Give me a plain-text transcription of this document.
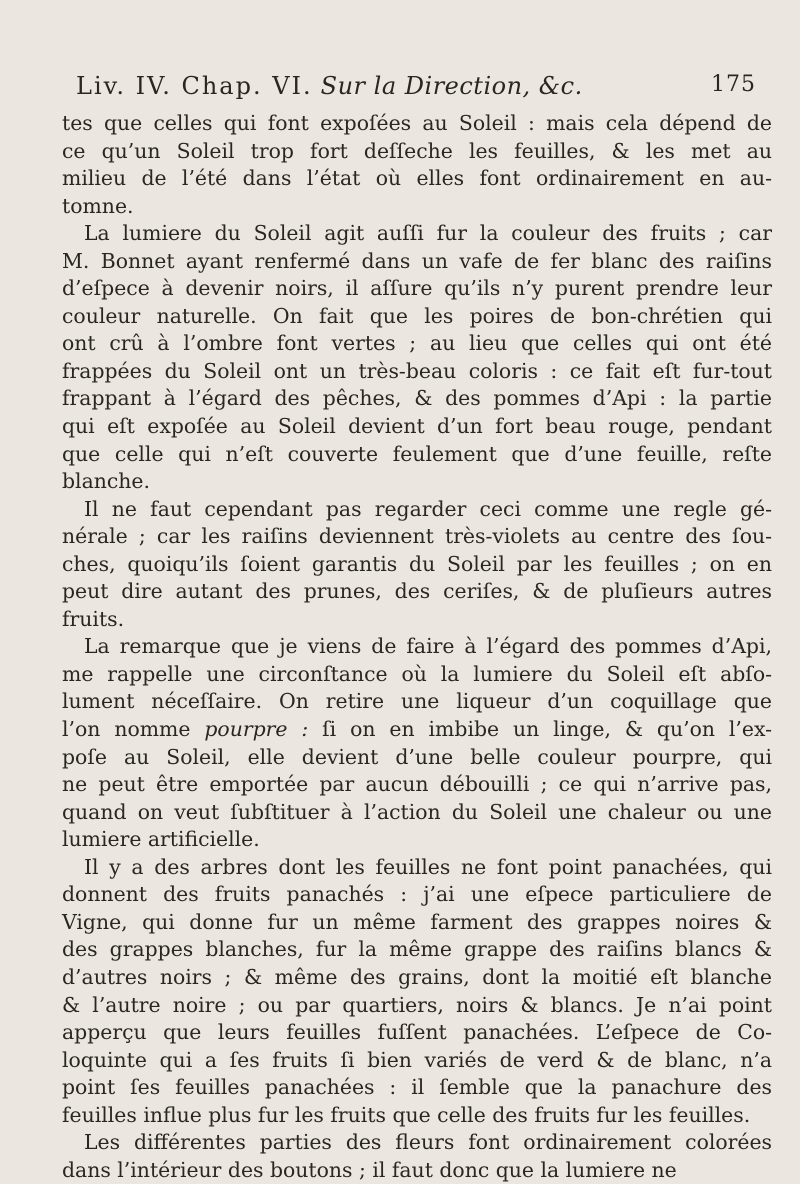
Liv. IV. Chap. VI. Sur la Direction, &c.	175
tes que celles qui font expoſées au Soleil : mais cela dépend de
ce qu’un Soleil trop fort deſſeche les feuilles, & les met au
milieu de l’été dans l’état où elles font ordinairement en au-
tomne.
La lumiere du Soleil agit auſſi fur la couleur des fruits ; car
M. Bonnet ayant renfermé dans un vafe de fer blanc des raiſins
d’eſpece à devenir noirs, il aſſure qu’ils n’y purent prendre leur
couleur naturelle. On fait que les poires de bon-chrétien qui
ont crû à l’ombre font vertes ; au lieu que celles qui ont été
frappées du Soleil ont un très-beau coloris : ce fait eſt fur-tout
frappant à l’égard des pêches, & des pommes d’Api : la partie
qui eſt expoſée au Soleil devient d’un fort beau rouge, pendant
que celle qui n’eſt couverte feulement que d’une feuille, reſte
blanche.
Il ne faut cependant pas regarder ceci comme une regle gé-
nérale ; car les raiſins deviennent très-violets au centre des ſou-
ches, quoiqu’ils ſoient garantis du Soleil par les feuilles ; on en
peut dire autant des prunes, des ceriſes, & de pluſieurs autres
fruits.
La remarque que je viens de faire à l’égard des pommes d’Api,
me rappelle une circonſtance où la lumiere du Soleil eſt abſo-
lument néceſſaire. On retire une liqueur d’un coquillage que
l’on nomme pourpre : ſi on en imbibe un linge, & qu’on l’ex-
poſe au Soleil, elle devient d’une belle couleur pourpre, qui
ne peut être emportée par aucun débouilli ; ce qui n’arrive pas,
quand on veut ſubſtituer à l’action du Soleil une chaleur ou une
lumiere artificielle.
Il y a des arbres dont les feuilles ne font point panachées, qui
donnent des fruits panachés : j’ai une eſpece particuliere de
Vigne, qui donne fur un même farment des grappes noires &
des grappes blanches, fur la même grappe des raiſins blancs &
d’autres noirs ; & même des grains, dont la moitié eſt blanche
& l’autre noire ; ou par quartiers, noirs & blancs. Je n’ai point
apperçu que leurs feuilles fuſſent panachées. L’eſpece de Co-
loquinte qui a ſes fruits ſi bien variés de verd & de blanc, n’a
point ſes feuilles panachées : il ſemble que la panachure des
feuilles influe plus fur les fruits que celle des fruits fur les feuilles.
Les différentes parties des fleurs font ordinairement colorées
dans l’intérieur des boutons ; il faut donc que la lumiere ne
